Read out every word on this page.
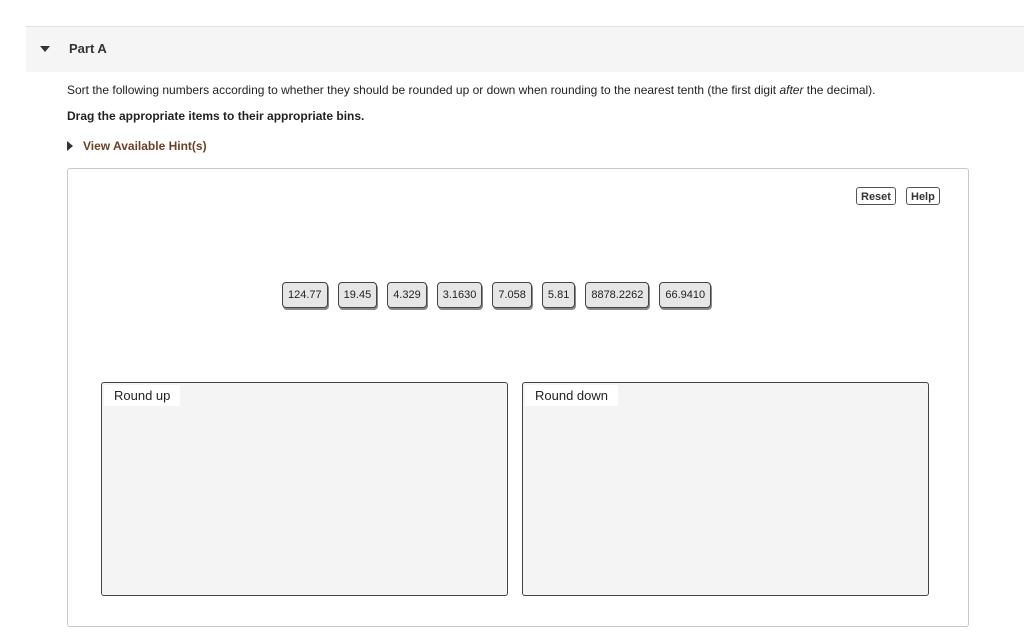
Part A
Sort the following numbers according to whether they should be rounded up or down when rounding to the nearest tenth (the first digit after the decimal).
Drag the appropriate items to their appropriate bins.
View Available Hint(s)
Reset	Help
124.77	19.45	4.329	3.1630	7.058	5.81	8878.2262	66.9410
Round up	Round down
